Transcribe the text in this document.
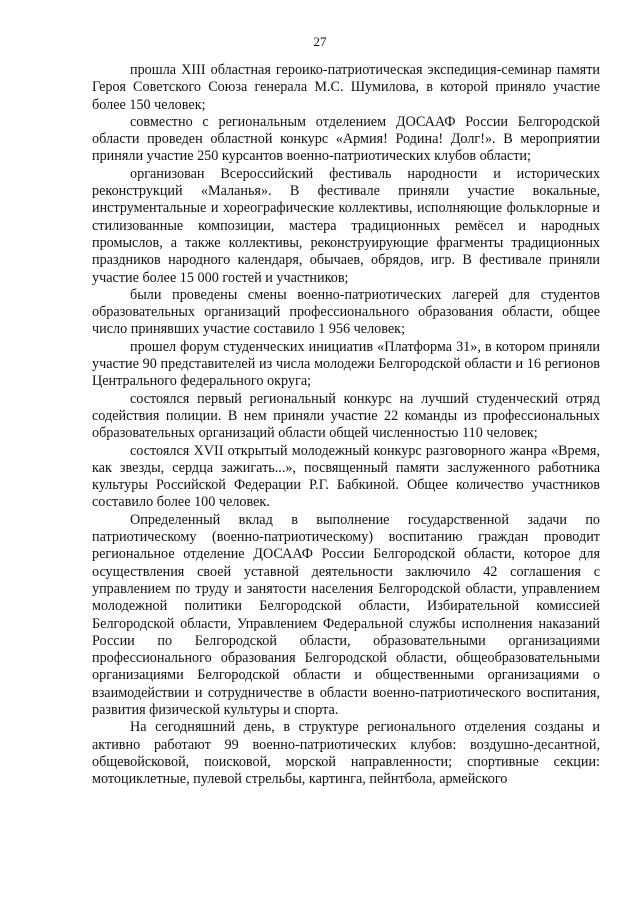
27

прошла XIII областная героико-патриотическая экспедиция-семинар памяти Героя Советского Союза генерала М.С. Шумилова, в которой приняло участие более 150 человек;

совместно с региональным отделением ДОСААФ России Белгородской области проведен областной конкурс «Армия! Родина! Долг!». В мероприятии приняли участие 250 курсантов военно-патриотических клубов области;

организован Всероссийский фестиваль народности и исторических реконструкций «Маланья». В фестивале приняли участие вокальные, инструментальные и хореографические коллективы, исполняющие фольклорные и стилизованные композиции, мастера традиционных ремёсел и народных промыслов, а также коллективы, реконструирующие фрагменты традиционных праздников народного календаря, обычаев, обрядов, игр. В фестивале приняли участие более 15 000 гостей и участников;

были проведены смены военно-патриотических лагерей для студентов образовательных организаций профессионального образования области, общее число принявших участие составило 1 956 человек;

прошел форум студенческих инициатив «Платформа 31», в котором приняли участие 90 представителей из числа молодежи Белгородской области и 16 регионов Центрального федерального округа;

состоялся первый региональный конкурс на лучший студенческий отряд содействия полиции. В нем приняли участие 22 команды из профессиональных образовательных организаций области общей численностью 110 человек;

состоялся XVII открытый молодежный конкурс разговорного жанра «Время, как звезды, сердца зажигать...», посвященный памяти заслуженного работника культуры Российской Федерации Р.Г. Бабкиной. Общее количество участников составило более 100 человек.

Определенный вклад в выполнение государственной задачи по патриотическому (военно-патриотическому) воспитанию граждан проводит региональное отделение ДОСААФ России Белгородской области, которое для осуществления своей уставной деятельности заключило 42 соглашения с управлением по труду и занятости населения Белгородской области, управлением молодежной политики Белгородской области, Избирательной комиссией Белгородской области, Управлением Федеральной службы исполнения наказаний России по Белгородской области, образовательными организациями профессионального образования Белгородской области, общеобразовательными организациями Белгородской области и общественными организациями о взаимодействии и сотрудничестве в области военно-патриотического воспитания, развития физической культуры и спорта.

На сегодняшний день, в структуре регионального отделения созданы и активно работают 99 военно-патриотических клубов: воздушно-десантной, общевойсковой, поисковой, морской направленности; спортивные секции: мотоциклетные, пулевой стрельбы, картинга, пейнтбола, армейского
